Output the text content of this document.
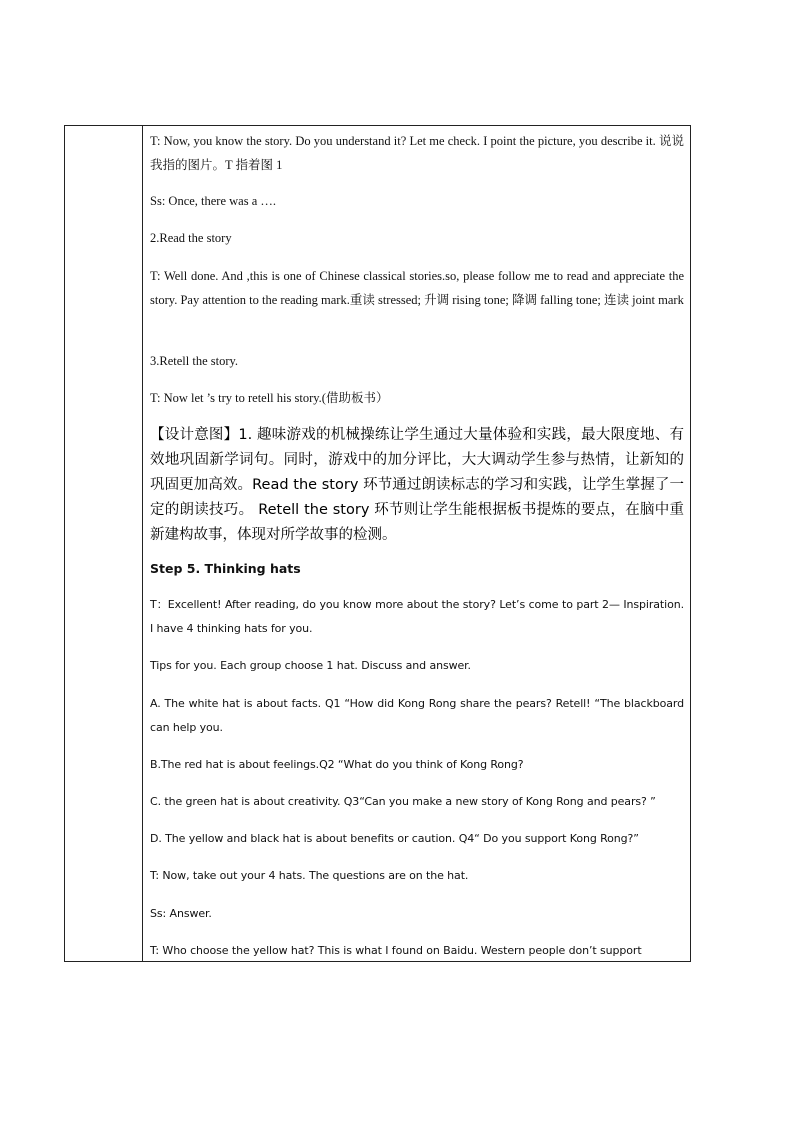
T: Now, you know the story. Do you understand it? Let me check. I point the picture, you describe it. 说说我指的图片。T 指着图 1

Ss: Once, there was a ….

2.Read the story

T: Well done. And ,this is one of Chinese classical stories.so, please follow me to read and appreciate the story. Pay attention to the reading mark.重读 stressed; 升调 rising tone; 降调 falling tone; 连读 joint mark

3.Retell the story.

T: Now let ’s try to retell his story.(借助板书）

【设计意图】1. 趣味游戏的机械操练让学生通过大量体验和实践，最大限度地、有效地巩固新学词句。同时，游戏中的加分评比，大大调动学生参与热情，让新知的巩固更加高效。Read the story 环节通过朗读标志的学习和实践，让学生掌握了一定的朗读技巧。 Retell the story 环节则让学生能根据板书提炼的要点，在脑中重新建构故事，体现对所学故事的检测。

Step 5. Thinking hats

T：Excellent! After reading, do you know more about the story? Let’s come to part 2— Inspiration. I have 4 thinking hats for you.

Tips for you. Each group choose 1 hat. Discuss and answer.

A. The white hat is about facts. Q1 “How did Kong Rong share the pears? Retell! “The blackboard can help you.

B.The red hat is about feelings.Q2 “What do you think of Kong Rong?

C. the green hat is about creativity. Q3“Can you make a new story of Kong Rong and pears? ”

D. The yellow and black hat is about benefits or caution. Q4“ Do you support Kong Rong?”

T: Now, take out your 4 hats. The questions are on the hat.

Ss: Answer.

T: Who choose the yellow hat? This is what I found on Baidu. Western people don’t support
